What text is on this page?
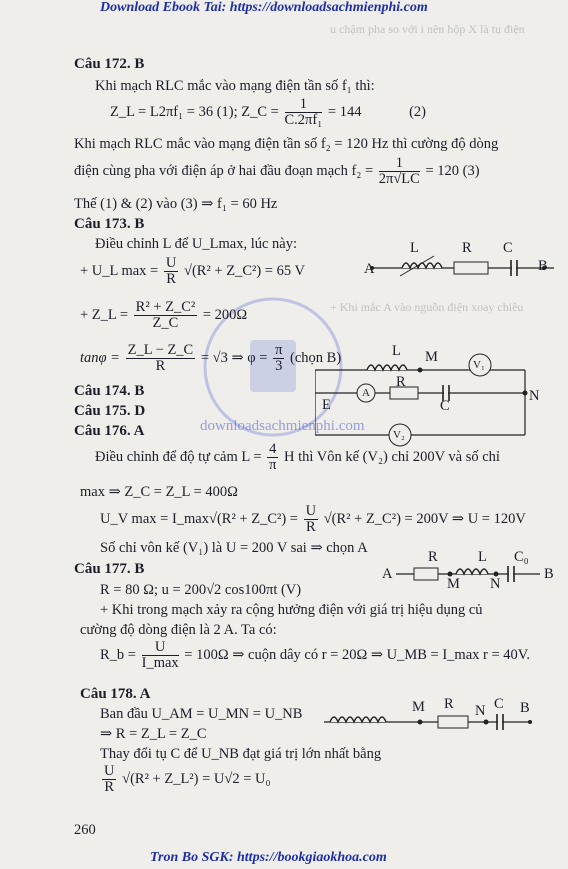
Download Ebook Tai: https://downloadsachmienphi.com
Tron Bo SGK: https://bookgiaokhoa.com
u chậm pha so với i nên hộp X là tụ điện
+ Khi mắc A vào nguồn điện xoay chiều
downloadsachmienphi.com
Câu 172. B
Khi mạch RLC mắc vào mạng điện tần số f₁ thì:
Z_L = L2πf₁ = 36 (1); Z_C = $\frac{1}{\text{C.2πf₁}} = 144$	(2)
Khi mạch RLC mắc vào mạng điện tần số f₂ = 120 Hz thì cường độ dòng
điện cùng pha với điện áp ở hai đầu đoạn mạch $f_2 = \frac{1}{2\pi√LC} = 120$ (3)
Thế (1) & (2) vào (3) ⇒ f₁ = 60 Hz
Câu 173. B
Điều chỉnh L để U_Lmax, lúc này:
+ U_L $\max = \frac{U}{R} √(R^2$ + Z_C²) = 65 V
+ Z_L = $\frac{\text{R² + Z\_C²}}{Z\_C} = 200\Omega$
$\tan\varphi = \frac{Z\_L - Z\_C}{R} = √3$ ⇒ $\varphi = \frac{\pi}{3}$ (chọn B)
L	R C
A	B
Câu 174. B
Câu 175. D
Câu 176. A
L M	V₁
R
C
E
A	N
V₂
Điều chỉnh để độ tự cảm $L = \frac{4}{\pi}$ H thì Vôn kế (V₂) chỉ 200V và số chỉ
max ⇒ Z_C = Z_L = 400Ω
U_V max = I_max√(R² + Z_C²) = $\frac{U}{R} √(R^2$ + Z_C²) = 200V ⇒ U = 120V
Số chỉ vôn kế (V₁) là U = 200 V sai ⇒ chọn A
Câu 177. B
R = 80 Ω; u = 200√2 cos100πt (V)
+ Khi trong mạch xảy ra cộng hưởng điện với giá trị hiệu dụng củ
cường độ dòng điện là 2 A. Ta có:
R_b = $\frac{U}{I\_\max} = 100\Omega$ ⇒ cuộn dây có r = 20Ω ⇒ U_MB = I_max r = 40V.
R	L C₀
A
M N
B
Câu 178. A
Ban đầu U_AM = U_MN = U_NB
⇒ R = Z_L = Z_C
Thay đổi tụ C để U_NB đạt giá trị lớn nhất bằng
$\frac{U}{R} √(R^2$ + Z_L²) = U√2 = U₀
M R N C B
260
